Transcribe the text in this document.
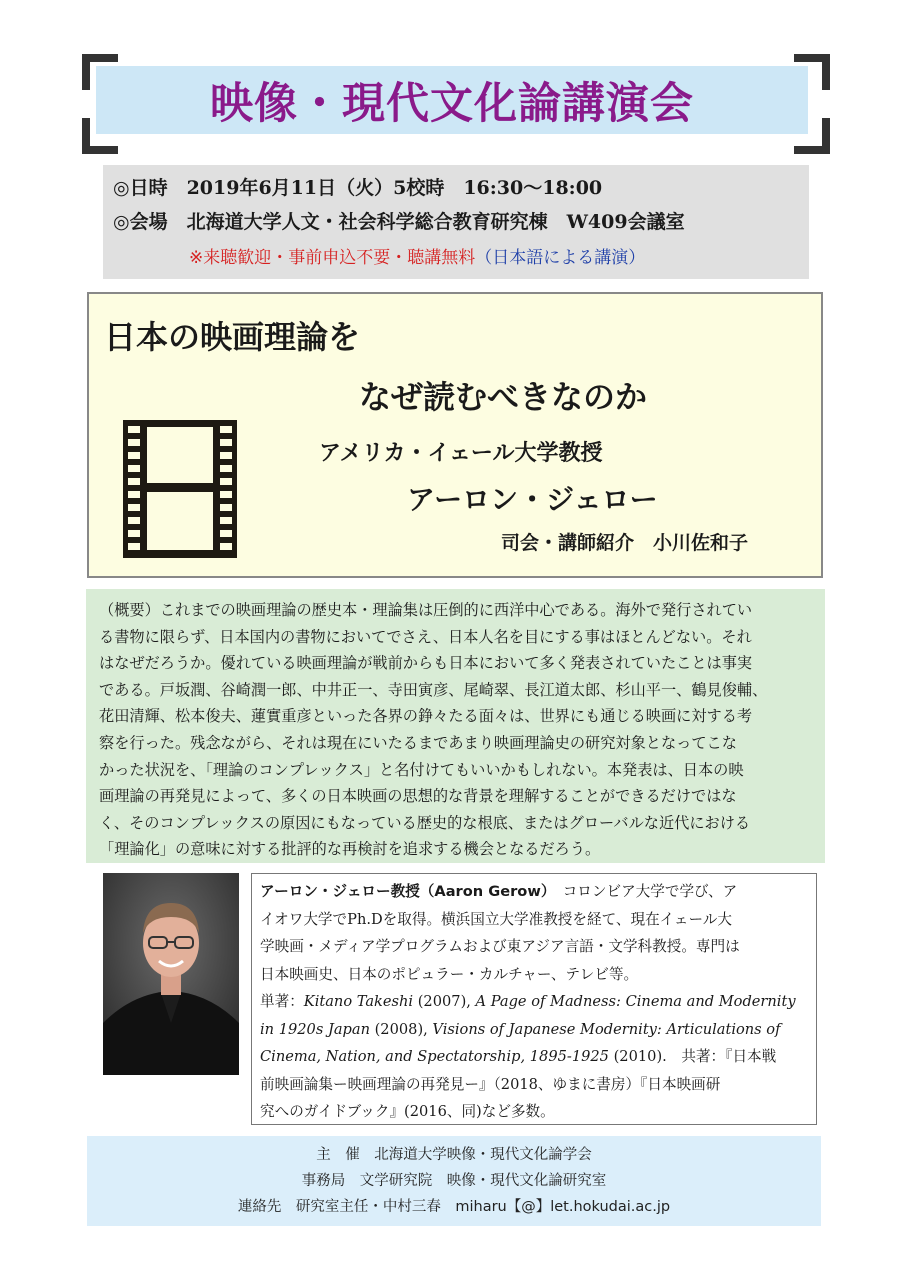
映像・現代文化論講演会
◎日時　2019年6月11日（火）5校時　16:30〜18:00
◎会場　北海道大学人文・社会科学総合教育研究棟　W409会議室
※来聴歓迎・事前申込不要・聴講無料（日本語による講演）
日本の映画理論を
なぜ読むべきなのか
アメリカ・イェール大学教授
アーロン・ジェロー
司会・講師紹介　小川佐和子
（概要）これまでの映画理論の歴史本・理論集は圧倒的に西洋中心である。海外で発行されてい
る書物に限らず、日本国内の書物においてでさえ、日本人名を目にする事はほとんどない。それ
はなぜだろうか。優れている映画理論が戦前からも日本において多く発表されていたことは事実
である。戸坂潤、谷崎潤一郎、中井正一、寺田寅彦、尾崎翠、長江道太郎、杉山平一、鶴見俊輔、
花田清輝、松本俊夫、蓮實重彦といった各界の錚々たる面々は、世界にも通じる映画に対する考
察を行った。残念ながら、それは現在にいたるまであまり映画理論史の研究対象となってこな
かった状況を、「理論のコンプレックス」と名付けてもいいかもしれない。本発表は、日本の映
画理論の再発見によって、多くの日本映画の思想的な背景を理解することができるだけではな
く、そのコンプレックスの原因にもなっている歴史的な根底、またはグローバルな近代における
「理論化」の意味に対する批評的な再検討を追求する機会となるだろう。
アーロン・ジェロー教授（Aaron Gerow）　コロンビア大学で学び、ア
イオワ大学でPh.Dを取得。横浜国立大学准教授を経て、現在イェール大
学映画・メディア学プログラムおよび東アジア言語・文学科教授。専門は
日本映画史、日本のポピュラー・カルチャー、テレビ等。
単著：Kitano Takeshi (2007), A Page of Madness: Cinema and Modernity
in 1920s Japan (2008), Visions of Japanese Modernity: Articulations of
Cinema, Nation, and Spectatorship, 1895-1925 (2010).　共著：『日本戦
前映画論集ー映画理論の再発見ー』（2018、ゆまに書房）『日本映画研
究へのガイドブック』(2016、同)など多数。
主　催　北海道大学映像・現代文化論学会
事務局　文学研究院　映像・現代文化論研究室
連絡先　研究室主任・中村三春　miharu【@】let.hokudai.ac.jp
